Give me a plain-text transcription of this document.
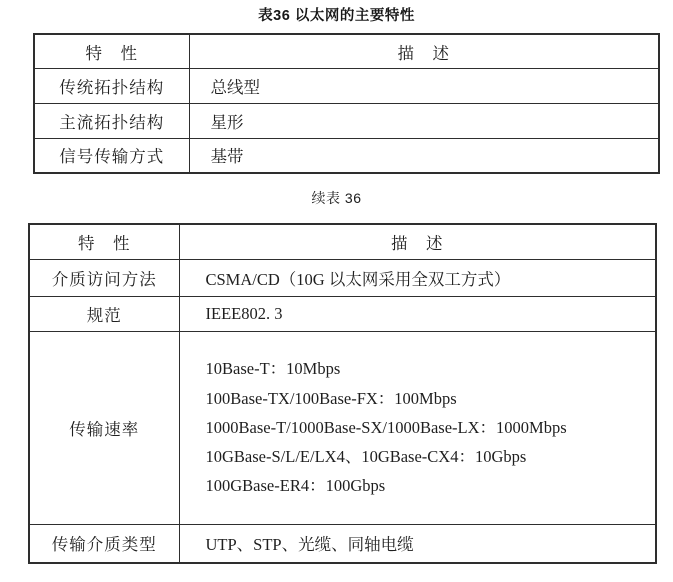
表36 以太网的主要特性
特　性	描　述
传统拓扑结构	总线型
主流拓扑结构	星形
信号传输方式	基带
续表 36
特　性	描　述
介质访问方法	CSMA/CD（10G 以太网采用全双工方式）
规范	IEEE802. 3
传输速率	10Base-T：10Mbps
100Base-TX/100Base-FX：100Mbps
1000Base-T/1000Base-SX/1000Base-LX：1000Mbps
10GBase-S/L/E/LX4、10GBase-CX4：10Gbps
100GBase-ER4：100Gbps

传输介质类型	UTP、STP、光缆、同轴电缆
